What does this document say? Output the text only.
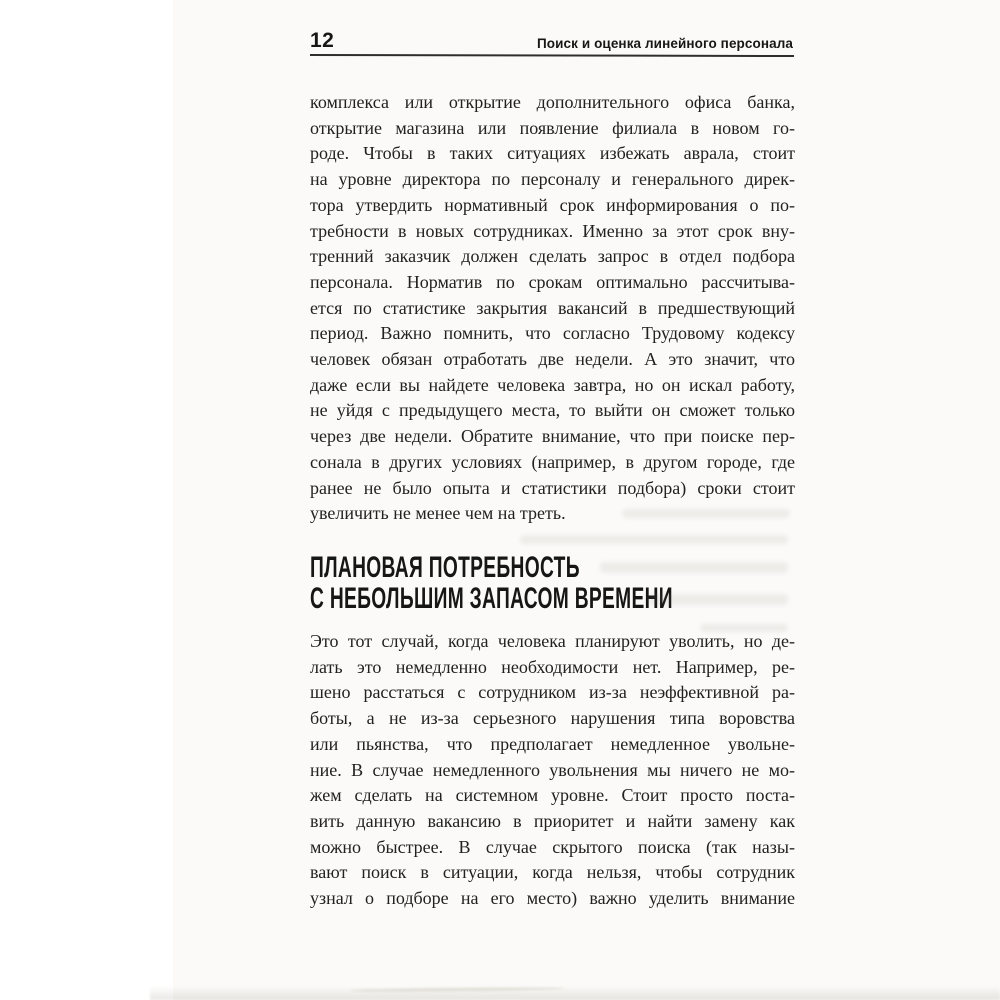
12	Поиск и оценка линейного персонала
комплекса или открытие дополнительного офиса банка,
открытие магазина или появление филиала в новом го-
роде. Чтобы в таких ситуациях избежать аврала, стоит
на уровне директора по персоналу и генерального дирек-
тора утвердить нормативный срок информирования о по-
требности в новых сотрудниках. Именно за этот срок вну-
тренний заказчик должен сделать запрос в отдел подбора
персонала. Норматив по срокам оптимально рассчитыва-
ется по статистике закрытия вакансий в предшествующий
период. Важно помнить, что согласно Трудовому кодексу
человек обязан отработать две недели. А это значит, что
даже если вы найдете человека завтра, но он искал работу,
не уйдя с предыдущего места, то выйти он сможет только
через две недели. Обратите внимание, что при поиске пер-
сонала в других условиях (например, в другом городе, где
ранее не было опыта и статистики подбора) сроки стоит
увеличить не менее чем на треть.
ПЛАНОВАЯ ПОТРЕБНОСТЬ
С НЕБОЛЬШИМ ЗАПАСОМ ВРЕМЕНИ
Это тот случай, когда человека планируют уволить, но де-
лать это немедленно необходимости нет. Например, ре-
шено расстаться с сотрудником из-за неэффективной ра-
боты, а не из-за серьезного нарушения типа воровства
или пьянства, что предполагает немедленное увольне-
ние. В случае немедленного увольнения мы ничего не мо-
жем сделать на системном уровне. Стоит просто поста-
вить данную вакансию в приоритет и найти замену как
можно быстрее. В случае скрытого поиска (так назы-
вают поиск в ситуации, когда нельзя, чтобы сотрудник
узнал о подборе на его место) важно уделить внимание
